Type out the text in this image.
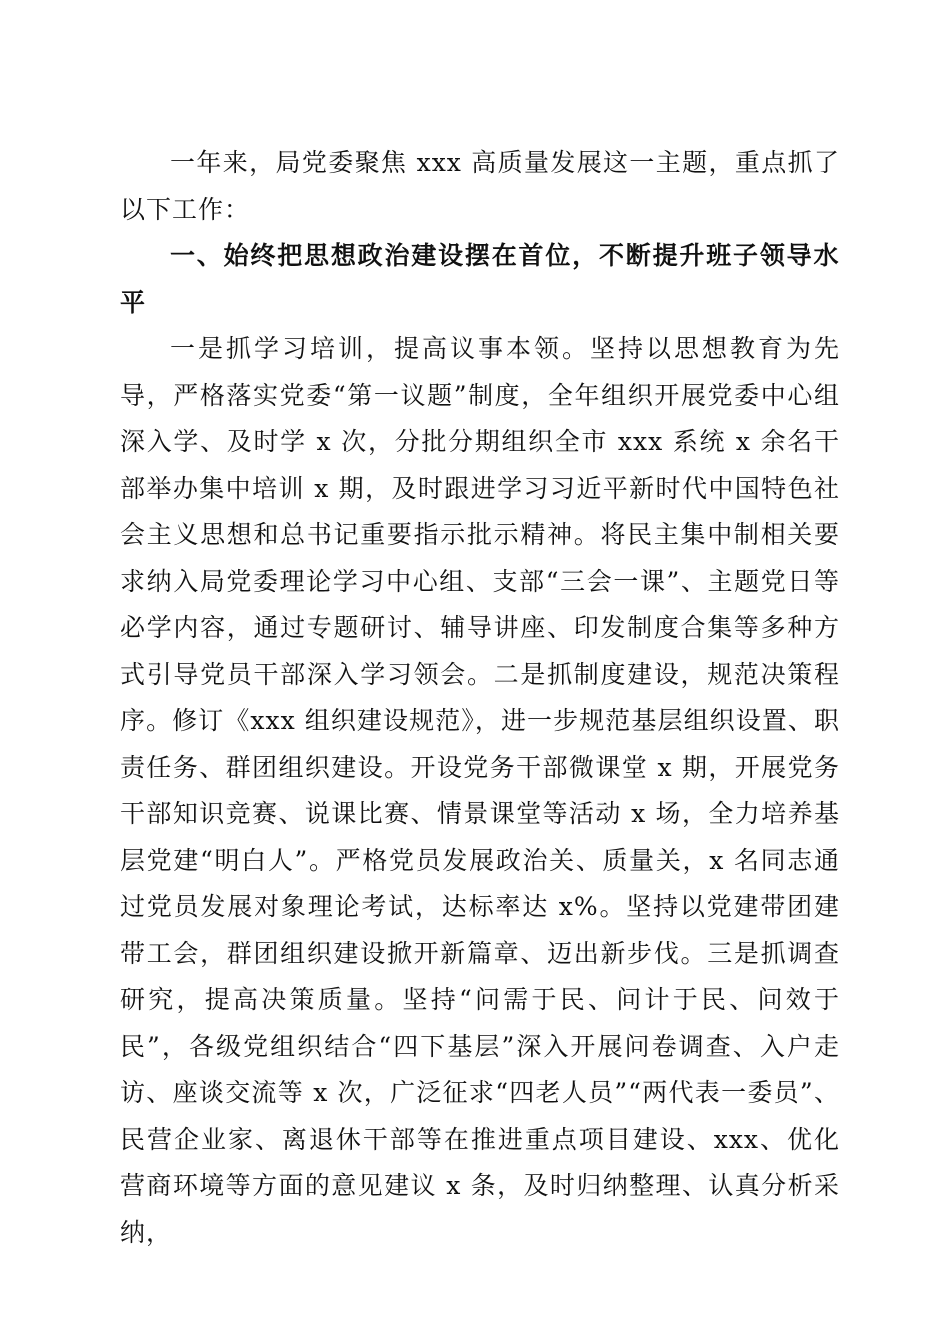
一年来，局党委聚焦 xxx 高质量发展这一主题，重点抓了以下工作：

一、始终把思想政治建设摆在首位，不断提升班子领导水平

一是抓学习培训，提高议事本领。坚持以思想教育为先导，严格落实党委“第一议题”制度，全年组织开展党委中心组深入学、及时学 x 次，分批分期组织全市 xxx 系统 x 余名干部举办集中培训 x 期，及时跟进学习习近平新时代中国特色社会主义思想和总书记重要指示批示精神。将民主集中制相关要求纳入局党委理论学习中心组、支部“三会一课”、主题党日等必学内容，通过专题研讨、辅导讲座、印发制度合集等多种方式引导党员干部深入学习领会。二是抓制度建设，规范决策程序。修订《xxx 组织建设规范》，进一步规范基层组织设置、职责任务、群团组织建设。开设党务干部微课堂 x 期，开展党务干部知识竞赛、说课比赛、情景课堂等活动 x 场，全力培养基层党建“明白人”。严格党员发展政治关、质量关，x 名同志通过党员发展对象理论考试，达标率达 x%。坚持以党建带团建带工会，群团组织建设掀开新篇章、迈出新步伐。三是抓调查研究，提高决策质量。坚持“问需于民、问计于民、问效于民”，各级党组织结合“四下基层”深入开展问卷调查、入户走访、座谈交流等 x 次，广泛征求“四老人员”“两代表一委员”、民营企业家、离退休干部等在推进重点项目建设、xxx、优化营商环境等方面的意见建议 x 条，及时归纳整理、认真分析采纳，
